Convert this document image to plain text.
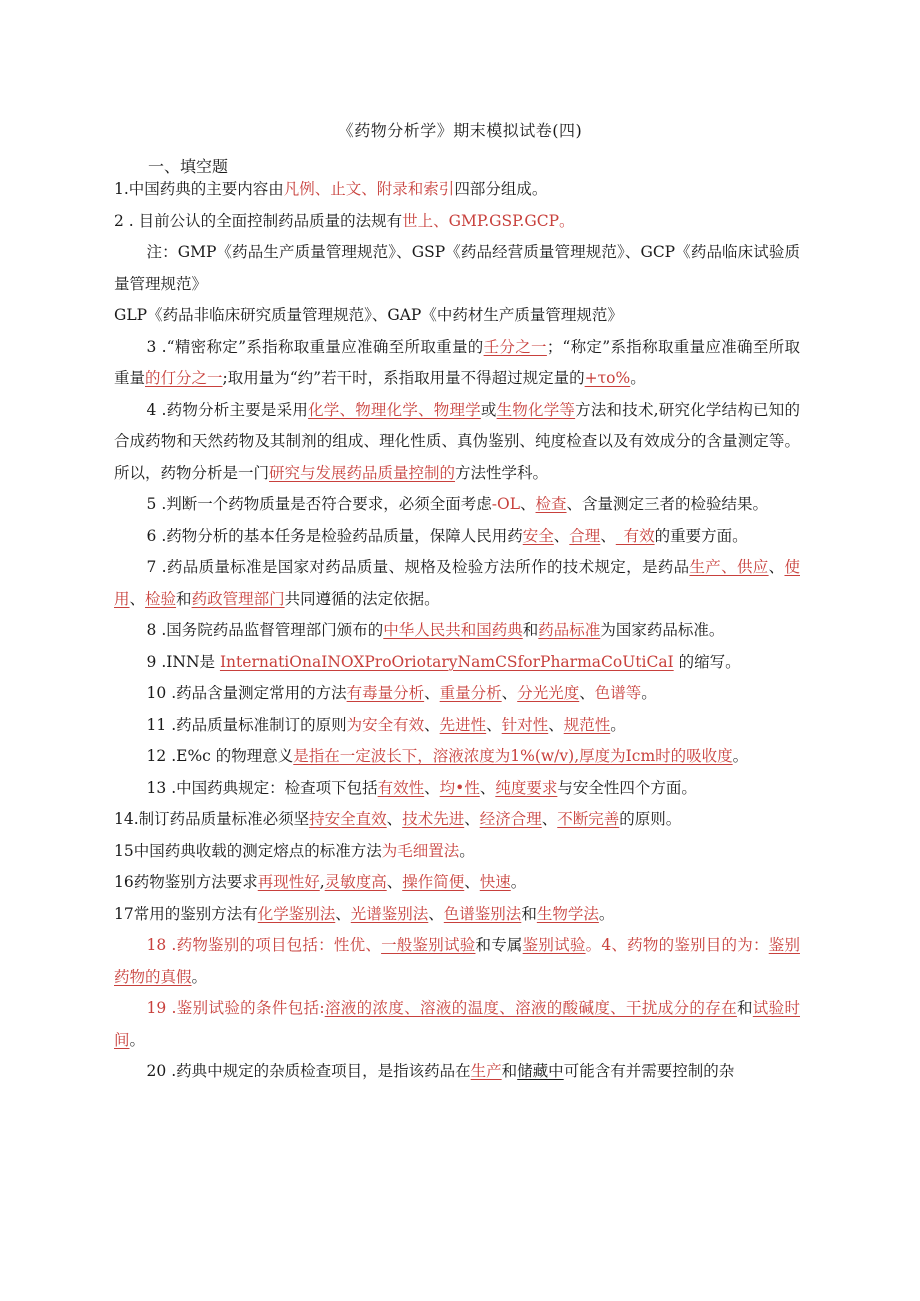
《药物分析学》期末模拟试卷(四)
一、填空题

1.中国药典的主要内容由凡例、止文、附录和索引四部分组成。

2 . 目前公认的全面控制药品质量的法规有世上、GMP.GSP.GCP。

注：GMP《药品生产质量管理规范》、GSP《药品经营质量管理规范》、GCP《药品临床试验质量管理规范》

GLP《药品非临床研究质量管理规范》、GAP《中药材生产质量管理规范》

3 .“精密称定”系指称取重量应准确至所取重量的壬分之一；“称定”系指称取重量应准确至所取重量的仃分之一;取用量为“约”若干时，系指取用量不得超过规定量的+τo%。

4 .药物分析主要是采用化学、物理化学、物理学或生物化学等方法和技术,研究化学结构已知的合成药物和天然药物及其制剂的组成、理化性质、真伪鉴别、纯度检查以及有效成分的含量测定等。所以，药物分析是一门研究与发展药品质量控制的方法性学科。

5 .判断一个药物质量是否符合要求，必须全面考虑-OL、检查、含量测定三者的检验结果。

6 .药物分析的基本任务是检验药品质量，保障人民用药安全、合理、_有效的重要方面。

7 .药品质量标准是国家对药品质量、规格及检验方法所作的技术规定，是药品生产、供应、使用、检验和药政管理部门共同遵循的法定依据。

8 .国务院药品监督管理部门颁布的中华人民共和国药典和药品标准为国家药品标准。

9 .INN是 InternatiOnaINOXProOriotaryNamCSforPharmaCoUtiCaI 的缩写。

10 .药品含量测定常用的方法有毒量分析、重量分析、分光光度、色谱等。

11 .药品质量标准制订的原则为安全有效、先进性、针对性、规范性。

12 .E%c 的物理意义是指在一定波长下，溶液浓度为1%(w/v),厚度为Icm时的吸收度。

13 .中国药典规定：检查项下包括有效性、均•性、纯度要求与安全性四个方面。

14.制订药品质量标准必须坚持安全直效、技术先进、经济合理、不断完善的原则。

15中国药典收载的测定熔点的标准方法为毛细置法。

16药物鉴别方法要求再现性好,灵敏度高、操作简便、快速。

17常用的鉴别方法有化学鉴别法、光谱鉴别法、色谱鉴别法和生物学法。

18 .药物鉴别的项目包括：性优、一般鉴别试验和专属鉴别试验。4、药物的鉴别目的为：鉴别药物的真假。

19 .鉴别试验的条件包括:溶液的浓度、溶液的温度、溶液的酸碱度、干扰成分的存在和试验时间。

20 .药典中规定的杂质检查项目，是指该药品在生产和储藏中可能含有并需要控制的杂
